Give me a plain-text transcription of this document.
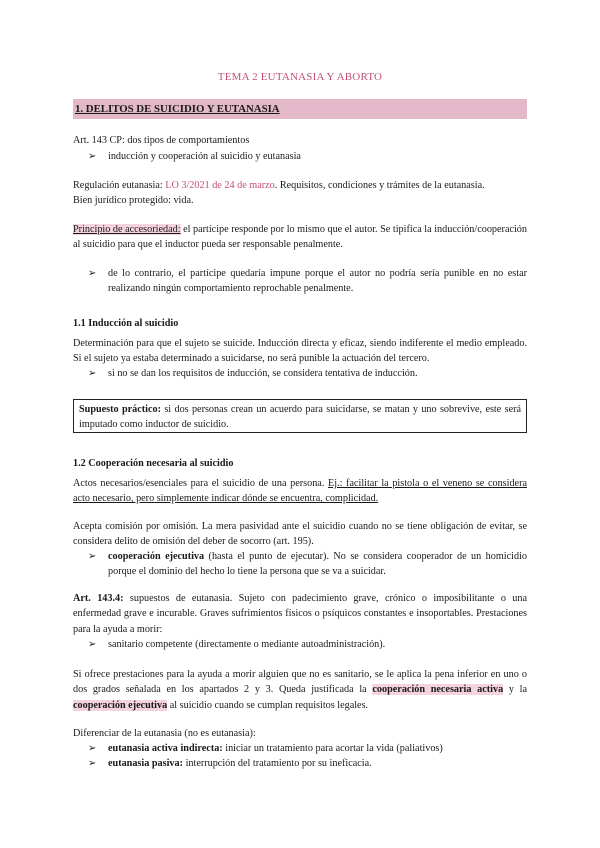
TEMA 2 EUTANASIA Y ABORTO
1. DELITOS DE SUICIDIO Y EUTANASIA
Art. 143 CP: dos tipos de comportamientos
➢ inducción y cooperación al suicidio y eutanasia
Regulación eutanasia: LO 3/2021 de 24 de marzo. Requisitos, condiciones y trámites de la eutanasia.
Bien jurídico protegido: vida.
Principio de accesoriedad: el partícipe responde por lo mismo que el autor. Se tipifica la inducción/cooperación al suicidio para que el inductor pueda ser responsable penalmente.
➢ de lo contrario, el partícipe quedaría impune porque el autor no podría sería punible en no estar realizando ningún comportamiento reprochable penalmente.
1.1 Inducción al suicidio
Determinación para que el sujeto se suicide. Inducción directa y eficaz, siendo indiferente el medio empleado. Si el sujeto ya estaba determinado a suicidarse, no será punible la actuación del tercero.
➢ si no se dan los requisitos de inducción, se considera tentativa de inducción.
Supuesto práctico: si dos personas crean un acuerdo para suicidarse, se matan y uno sobrevive, este será imputado como inductor de suicidio.
1.2 Cooperación necesaria al suicidio
Actos necesarios/esenciales para el suicidio de una persona. Ej.: facilitar la pistola o el veneno se considera acto necesario, pero simplemente indicar dónde se encuentra, complicidad.
Acepta comisión por omisión. La mera pasividad ante el suicidio cuando no se tiene obligación de evitar, se considera delito de omisión del deber de socorro (art. 195).
➢ cooperación ejecutiva (hasta el punto de ejecutar). No se considera cooperador de un homicidio porque el dominio del hecho lo tiene la persona que se va a suicidar.
Art. 143.4: supuestos de eutanasia. Sujeto con padecimiento grave, crónico o imposibilitante o una enfermedad grave e incurable. Graves sufrimientos físicos o psíquicos constantes e insoportables. Prestaciones para la ayuda a morir:
➢ sanitario competente (directamente o mediante autoadministración).
Si ofrece prestaciones para la ayuda a morir alguien que no es sanitario, se le aplica la pena inferior en uno o dos grados señalada en los apartados 2 y 3. Queda justificada la cooperación necesaria activa y la cooperación ejecutiva al suicidio cuando se cumplan requisitos legales.
Diferenciar de la eutanasia (no es eutanasia):
➢ eutanasia activa indirecta: iniciar un tratamiento para acortar la vida (paliativos)
➢ eutanasia pasiva: interrupción del tratamiento por su ineficacia.
